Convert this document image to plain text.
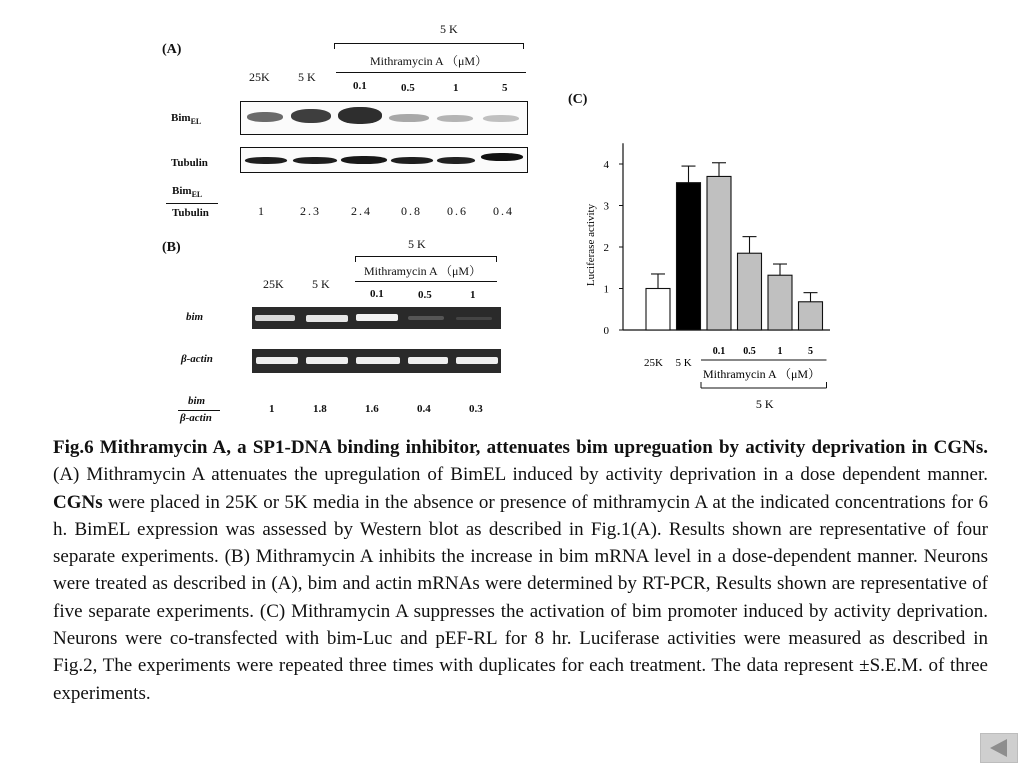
(A)
5 K
Mithramycin A （μM）
25K 5 K
0.1	0.5	1	5
Bim$_{EL}$
Tubulin
Bim$_{EL}$
Tubulin	1	2.3	2.4 0.8 0.6 0.4
(B)	5 K
Mithramycin A （μM）
25K 5 K
0.1	0.5	1
bim
β-actin
bim
β-actin
1	1.8	1.6	0.4	0.3
(C)
Luciferase activity
0
1
2
3
4
25K 5 K
0.1 0.5 1	5
Mithramycin A （μM）
5 K
Fig.6 Mithramycin A, a SP1-DNA binding inhibitor, attenuates bim upreguation by activity deprivation in CGNs. (A) Mithramycin A attenuates the upregulation of BimEL induced by activity deprivation in a dose dependent manner. CGNs were placed in 25K or 5K media in the absence or presence of mithramycin A at the indicated concentrations for 6 h. BimEL expression was assessed by Western blot as described in Fig.1(A). Results shown are representative of four separate experiments. (B) Mithramycin A inhibits the increase in bim mRNA level in a dose-dependent manner. Neurons were treated as described in (A), bim and actin mRNAs were determined by RT-PCR, Results shown are representative of five separate experiments. (C) Mithramycin A suppresses the activation of bim promoter induced by activity deprivation. Neurons were co-transfected with bim-Luc and pEF-RL for 8 hr. Luciferase activities were measured as described in Fig.2, The experiments were repeated three times with duplicates for each treatment. The data represent ±S.E.M. of three experiments.
